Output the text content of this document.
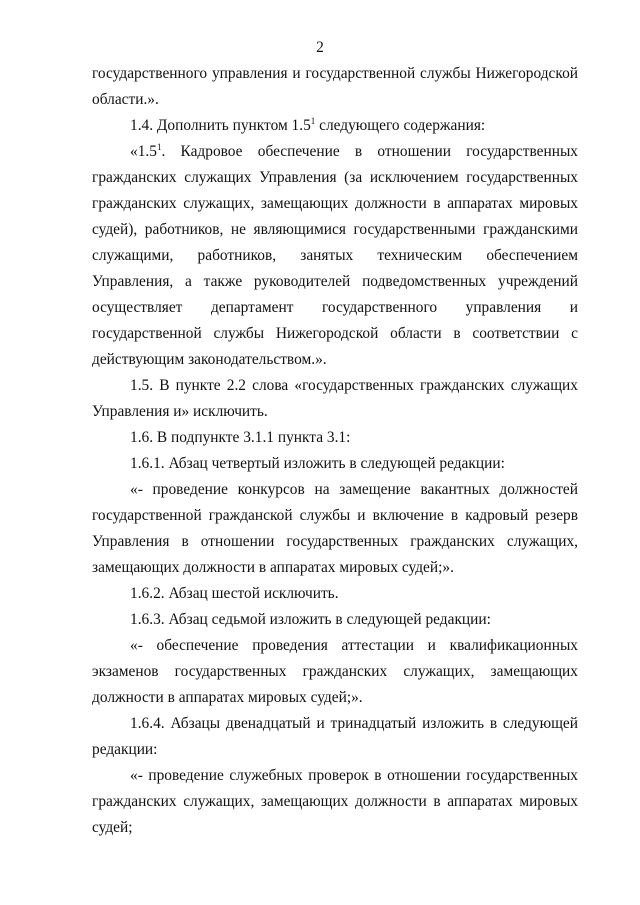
2

государственного управления и государственной службы Нижегородской области.».

1.4. Дополнить пунктом $1.5^1$ следующего содержания:

«$1.5^1$. Кадровое обеспечение в отношении государственных гражданских служащих Управления (за исключением государственных гражданских служащих, замещающих должности в аппаратах мировых судей), работников, не являющимися государственными гражданскими служащими, работников, занятых техническим обеспечением Управления, а также руководителей подведомственных учреждений осуществляет департамент государственного управления и государственной службы Нижегородской области в соответствии с действующим законодательством.».

1.5. В пункте 2.2 слова «государственных гражданских служащих Управления и» исключить.

1.6. В подпункте 3.1.1 пункта 3.1:

1.6.1. Абзац четвертый изложить в следующей редакции:

«- проведение конкурсов на замещение вакантных должностей государственной гражданской службы и включение в кадровый резерв Управления в отношении государственных гражданских служащих, замещающих должности в аппаратах мировых судей;».

1.6.2. Абзац шестой исключить.

1.6.3. Абзац седьмой изложить в следующей редакции:

«- обеспечение проведения аттестации и квалификационных экзаменов государственных гражданских служащих, замещающих должности в аппаратах мировых судей;».

1.6.4. Абзацы двенадцатый и тринадцатый изложить в следующей редакции:

«- проведение служебных проверок в отношении государственных гражданских служащих, замещающих должности в аппаратах мировых судей;
